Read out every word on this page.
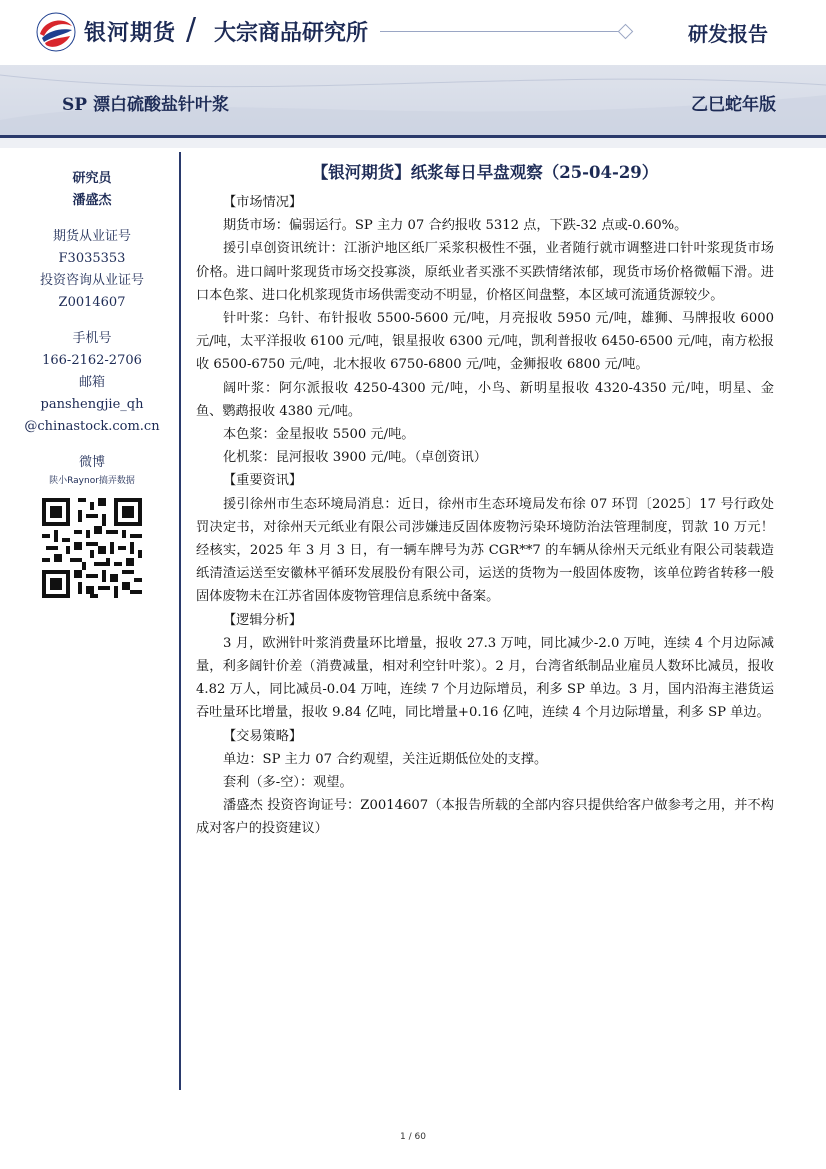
银河期货 / 大宗商品研究所	研发报告
SP 漂白硫酸盐针叶浆	乙巳蛇年版
研究员
潘盛杰
期货从业证号
F3035353
投资咨询从业证号
Z0014607
手机号
166-2162-2706
邮箱
panshengjie_qh
@chinastock.com.cn
微博
陕小Raynor搞弄数据
【银河期货】纸浆每日早盘观察（25-04-29）
【市场情况】

期货市场：偏弱运行。SP 主力 07 合约报收 5312 点，下跌-32 点或-0.60%。

援引卓创资讯统计：江浙沪地区纸厂采浆积极性不强，业者随行就市调整进口针叶浆现货市场价格。进口阔叶浆现货市场交投寡淡，原纸业者买涨不买跌情绪浓郁，现货市场价格微幅下滑。进口本色浆、进口化机浆现货市场供需变动不明显，价格区间盘整，本区域可流通货源较少。

针叶浆：乌针、布针报收 5500-5600 元/吨，月亮报收 5950 元/吨，雄狮、马牌报收 6000 元/吨，太平洋报收 6100 元/吨，银星报收 6300 元/吨，凯利普报收 6450-6500 元/吨，南方松报收 6500-6750 元/吨，北木报收 6750-6800 元/吨，金狮报收 6800 元/吨。

阔叶浆：阿尔派报收 4250-4300 元/吨，小鸟、新明星报收 4320-4350 元/吨，明星、金鱼、鹦鹉报收 4380 元/吨。

本色浆：金星报收 5500 元/吨。

化机浆：昆河报收 3900 元/吨。（卓创资讯）

【重要资讯】

援引徐州市生态环境局消息：近日，徐州市生态环境局发布徐 07 环罚〔2025〕17 号行政处罚决定书，对徐州天元纸业有限公司涉嫌违反固体废物污染环境防治法管理制度，罚款 10 万元！经核实，2025 年 3 月 3 日，有一辆车牌号为苏 CGR**7 的车辆从徐州天元纸业有限公司装载造纸清渣运送至安徽林平循环发展股份有限公司，运送的货物为一般固体废物，该单位跨省转移一般固体废物未在江苏省固体废物管理信息系统中备案。

【逻辑分析】

3 月，欧洲针叶浆消费量环比增量，报收 27.3 万吨，同比减少-2.0 万吨，连续 4 个月边际减量，利多阔针价差（消费减量，相对利空针叶浆）。2 月，台湾省纸制品业雇员人数环比减员，报收 4.82 万人，同比减员-0.04 万吨，连续 7 个月边际增员，利多 SP 单边。3 月，国内沿海主港货运吞吐量环比增量，报收 9.84 亿吨，同比增量+0.16 亿吨，连续 4 个月边际增量，利多 SP 单边。

【交易策略】

单边：SP 主力 07 合约观望，关注近期低位处的支撑。

套利（多-空）：观望。

潘盛杰 投资咨询证号：Z0014607（本报告所载的全部内容只提供给客户做参考之用，并不构成对客户的投资建议）

1 / 60
